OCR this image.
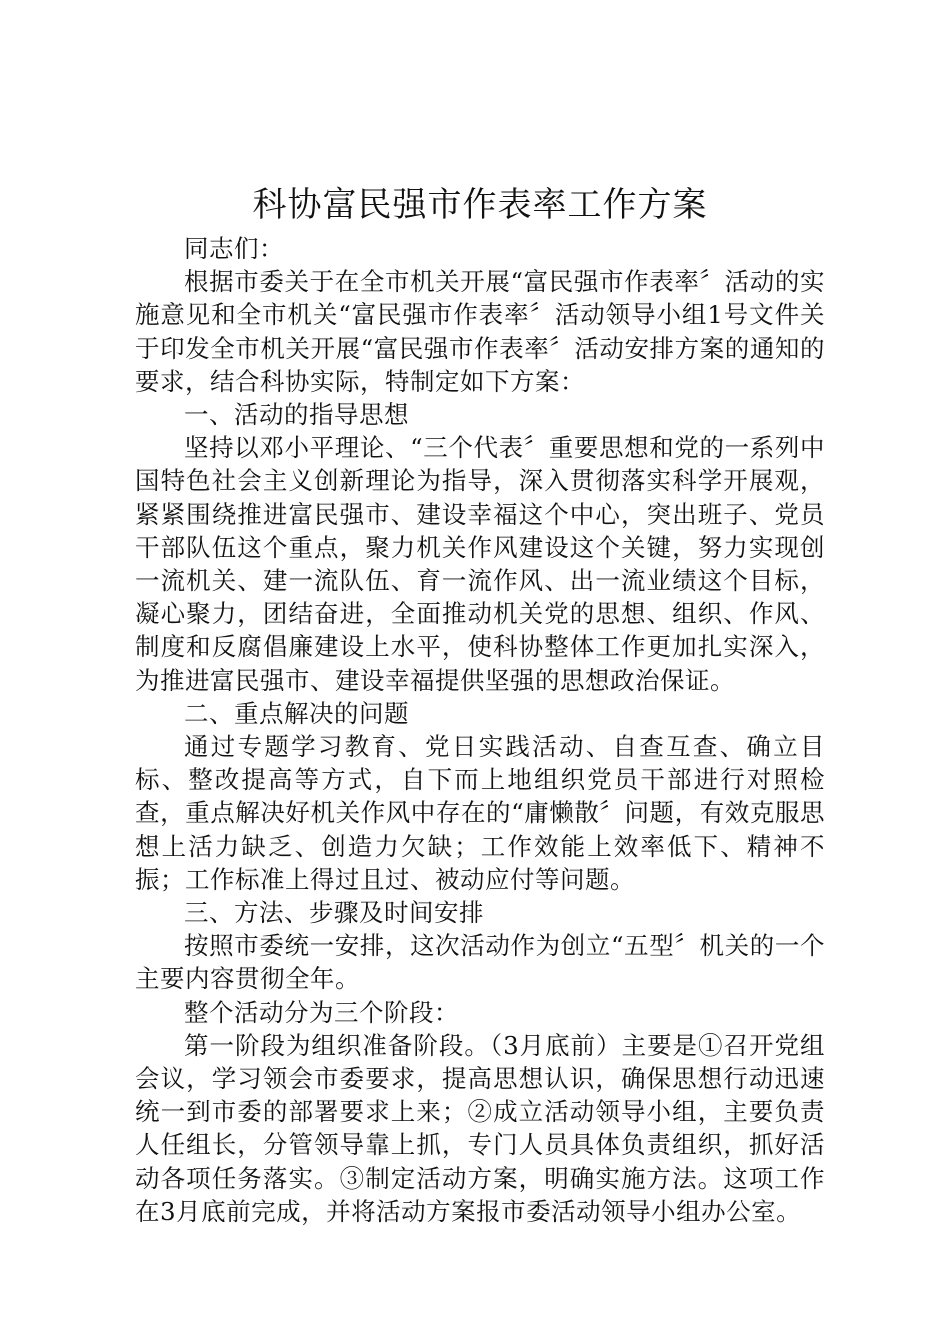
科协富民强市作表率工作方案

同志们：

根据市委关于在全市机关开展“富民强市作表率〞活动的实施意见和全市机关“富民强市作表率〞活动领导小组1号文件关于印发全市机关开展“富民强市作表率〞活动安排方案的通知的要求，结合科协实际，特制定如下方案：

一、活动的指导思想

坚持以邓小平理论、“三个代表〞重要思想和党的一系列中国特色社会主义创新理论为指导，深入贯彻落实科学开展观，紧紧围绕推进富民强市、建设幸福这个中心，突出班子、党员干部队伍这个重点，聚力机关作风建设这个关键，努力实现创一流机关、建一流队伍、育一流作风、出一流业绩这个目标，凝心聚力，团结奋进，全面推动机关党的思想、组织、作风、制度和反腐倡廉建设上水平，使科协整体工作更加扎实深入，为推进富民强市、建设幸福提供坚强的思想政治保证。

二、重点解决的问题

通过专题学习教育、党日实践活动、自查互查、确立目标、整改提高等方式，自下而上地组织党员干部进行对照检查，重点解决好机关作风中存在的“庸懒散〞问题，有效克服思想上活力缺乏、创造力欠缺；工作效能上效率低下、精神不振；工作标准上得过且过、被动应付等问题。

三、方法、步骤及时间安排

按照市委统一安排，这次活动作为创立“五型〞机关的一个主要内容贯彻全年。

整个活动分为三个阶段：

第一阶段为组织准备阶段。（3月底前）主要是①召开党组会议，学习领会市委要求，提高思想认识，确保思想行动迅速统一到市委的部署要求上来；②成立活动领导小组，主要负责人任组长，分管领导靠上抓，专门人员具体负责组织，抓好活动各项任务落实。③制定活动方案，明确实施方法。这项工作在3月底前完成，并将活动方案报市委活动领导小组办公室。
